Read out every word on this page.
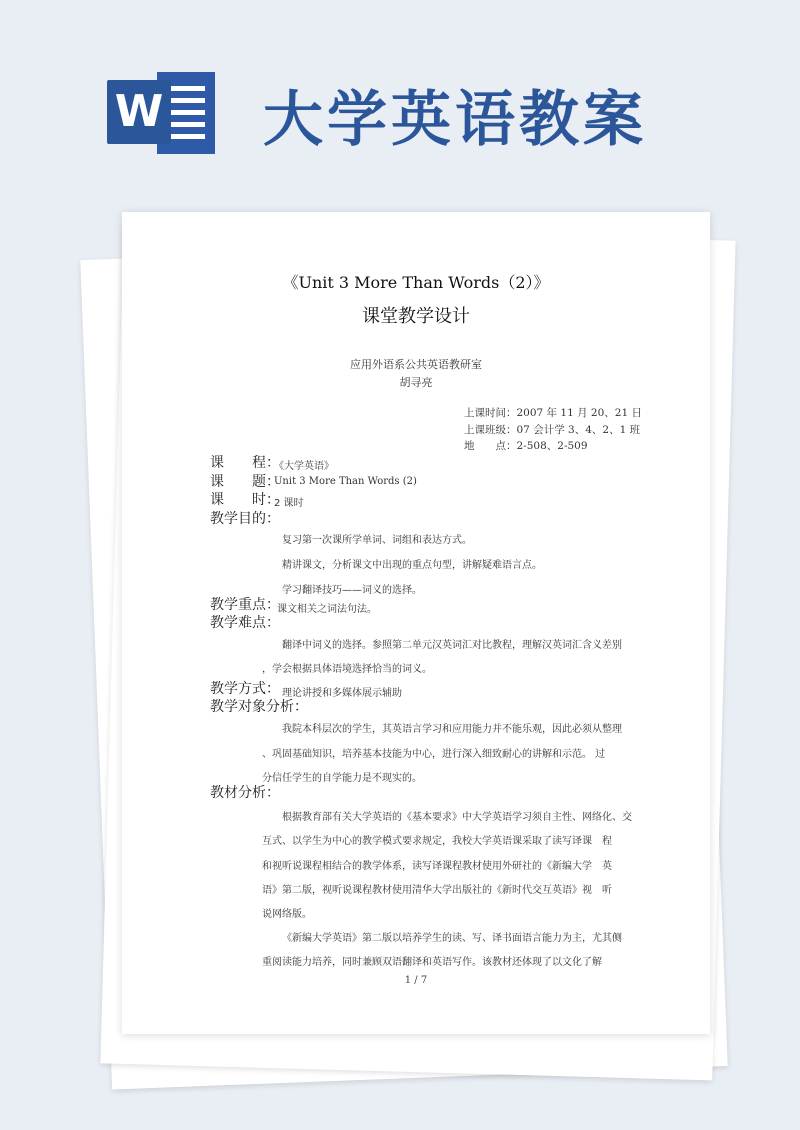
W 大学英语教案
《Unit 3 More Than Words（2）》
课堂教学设计
应用外语系公共英语教研室
胡寻亮
上课时间：2007 年 11 月 20、21 日
上课班级：07 会计学 3、4、2、1 班
地　　点：2-508、2-509
课　　程：
《大学英语》
课　　题：
Unit 3 More Than Words (2)
课　　时：
2 课时
教学目的：
复习第一次课所学单词、词组和表达方式。
精讲课文，分析课文中出现的重点句型，讲解疑难语言点。
学习翻译技巧——词义的选择。
教学重点：
课文相关之词法句法。
教学难点：
翻译中词义的选择。参照第二单元汉英词汇对比教程，理解汉英词汇含义差别
，学会根据具体语境选择恰当的词义。
教学方式： 理论讲授和多媒体展示辅助
教学对象分析：
我院本科层次的学生，其英语言学习和应用能力并不能乐观，因此必须从整理
、巩固基础知识，培养基本技能为中心，进行深入细致耐心的讲解和示范。 过
分信任学生的自学能力是不现实的。
教材分析：
根据教育部有关大学英语的《基本要求》中大学英语学习须自主性、网络化、交
互式、以学生为中心的教学模式要求规定，我校大学英语课采取了读写译课　程
和视听说课程相结合的教学体系，读写译课程教材使用外研社的《新编大学　英
语》第二版，视听说课程教材使用清华大学出版社的《新时代交互英语》视　听
说网络版。
《新编大学英语》第二版以培养学生的读、写、译书面语言能力为主，尤其侧
重阅读能力培养，同时兼顾双语翻译和英语写作。该教材还体现了以文化了解
1 / 7
